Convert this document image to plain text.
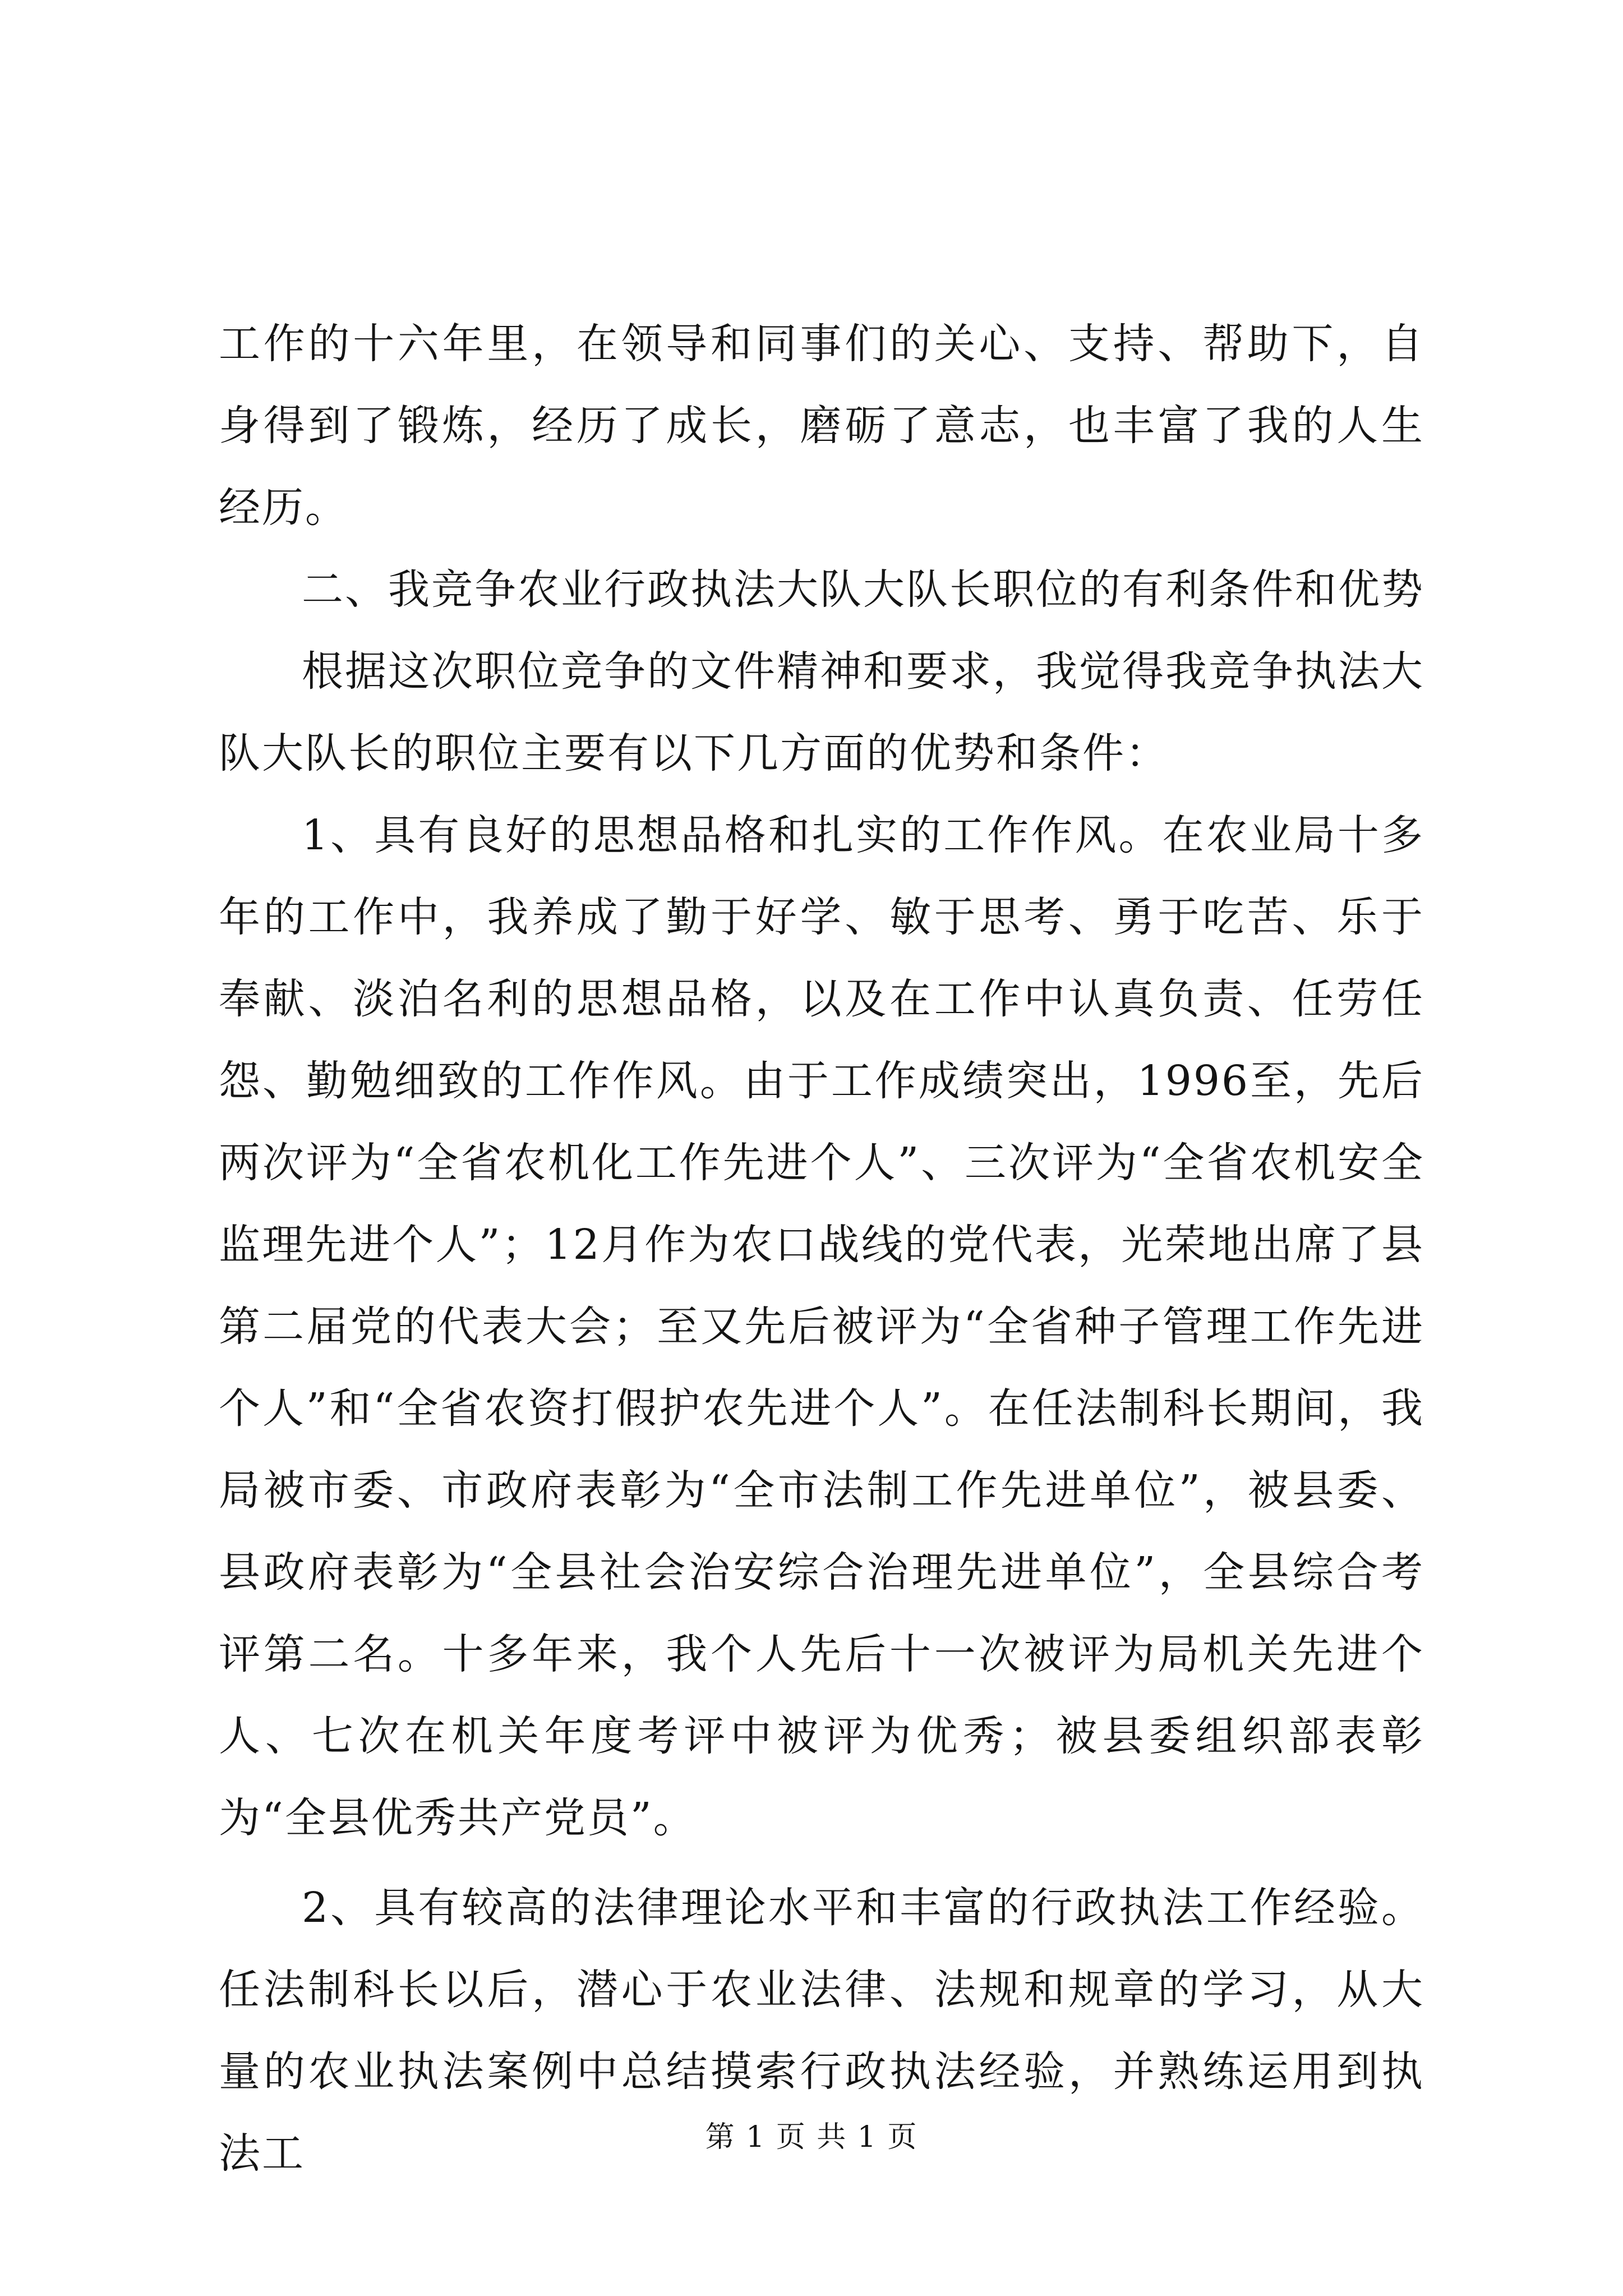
工作的十六年里，在领导和同事们的关心、支持、帮助下，自身得到了锻炼，经历了成长，磨砺了意志，也丰富了我的人生经历。

二、我竞争农业行政执法大队大队长职位的有利条件和优势

根据这次职位竞争的文件精神和要求，我觉得我竞争执法大队大队长的职位主要有以下几方面的优势和条件：

1、具有良好的思想品格和扎实的工作作风。在农业局十多年的工作中，我养成了勤于好学、敏于思考、勇于吃苦、乐于奉献、淡泊名利的思想品格，以及在工作中认真负责、任劳任怨、勤勉细致的工作作风。由于工作成绩突出，1996至，先后两次评为“全省农机化工作先进个人”、三次评为“全省农机安全监理先进个人”；12月作为农口战线的党代表，光荣地出席了县第二届党的代表大会；至又先后被评为“全省种子管理工作先进个人”和“全省农资打假护农先进个人”。在任法制科长期间，我局被市委、市政府表彰为“全市法制工作先进单位”，被县委、县政府表彰为“全县社会治安综合治理先进单位”，全县综合考评第二名。十多年来，我个人先后十一次被评为局机关先进个人、七次在机关年度考评中被评为优秀；被县委组织部表彰为“全县优秀共产党员”。

2、具有较高的法律理论水平和丰富的行政执法工作经验。任法制科长以后，潜心于农业法律、法规和规章的学习，从大量的农业执法案例中总结摸索行政执法经验，并熟练运用到执法工	第 1 页 共 1 页
